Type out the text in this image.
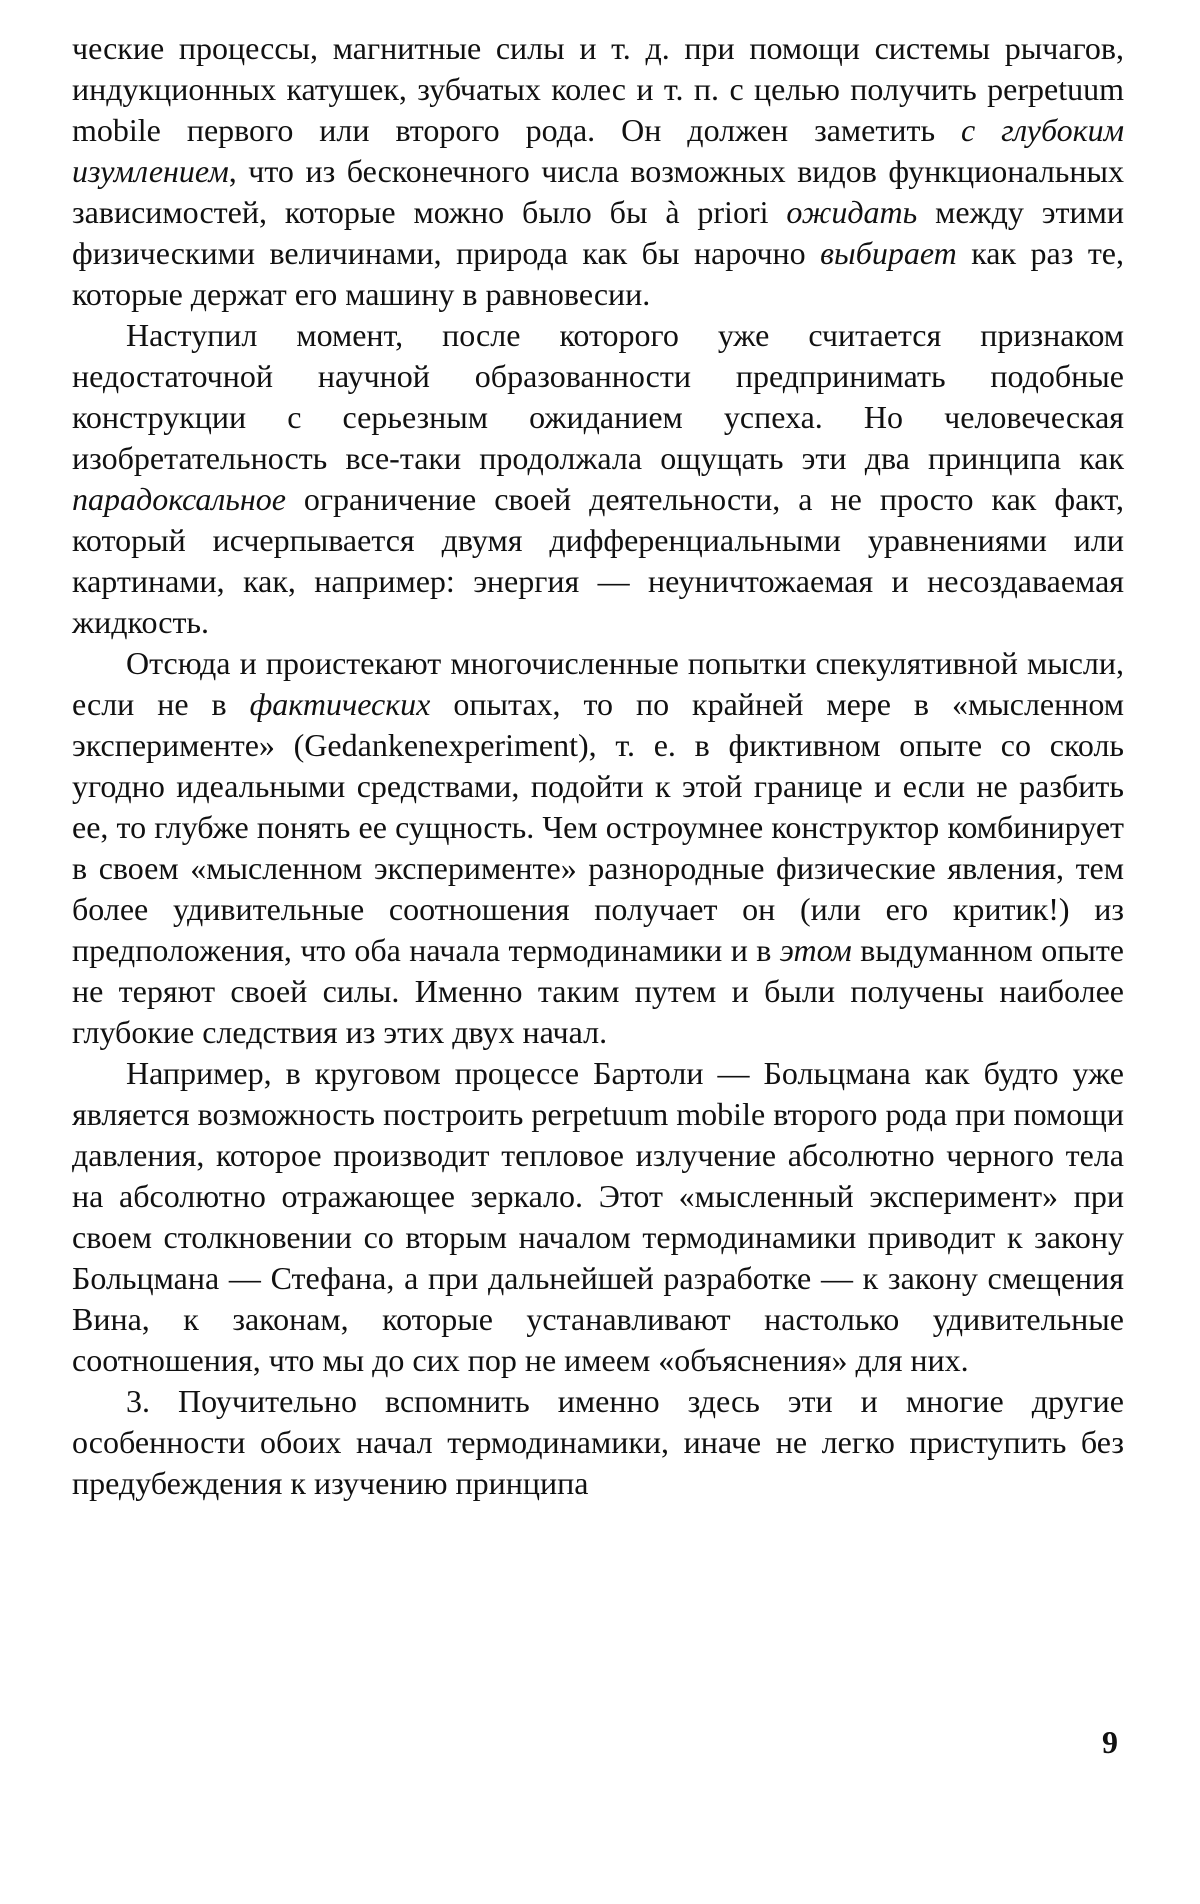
ческие процессы, магнитные силы и т. д. при помощи системы рычагов, индукционных катушек, зубчатых колес и т. п. с целью получить perpetuum mobile первого или второго рода. Он должен заметить с глубоким изумлением, что из бесконечного числа возможных видов функциональных зависимостей, которые можно было бы à priori ожидать между этими физическими величинами, природа как бы нарочно выбирает как раз те, которые держат его машину в равновесии.

Наступил момент, после которого уже считается признаком недостаточной научной образованности предпринимать подобные конструкции с серьезным ожиданием успеха. Но человеческая изобретательность все-таки продолжала ощущать эти два принципа как парадоксальное ограничение своей деятельности, а не просто как факт, который исчерпывается двумя дифференциальными уравнениями или картинами, как, например: энергия — неуничтожаемая и несоздаваемая жидкость.

Отсюда и проистекают многочисленные попытки спекулятивной мысли, если не в фактических опытах, то по крайней мере в «мысленном эксперименте» (Gedankenexperiment), т. е. в фиктивном опыте со сколь угодно идеальными средствами, подойти к этой границе и если не разбить ее, то глубже понять ее сущность. Чем остроумнее конструктор комбинирует в своем «мысленном эксперименте» разнородные физические явления, тем более удивительные соотношения получает он (или его критик!) из предположения, что оба начала термодинамики и в этом выдуманном опыте не теряют своей силы. Именно таким путем и были получены наиболее глубокие следствия из этих двух начал.

Например, в круговом процессе Бартоли — Больцмана как будто уже является возможность построить perpetuum mobile второго рода при помощи давления, которое производит тепловое излучение абсолютно черного тела на абсолютно отражающее зеркало. Этот «мысленный эксперимент» при своем столкновении со вторым началом термодинамики приводит к закону Больцмана — Стефана, а при дальнейшей разработке — к закону смещения Вина, к законам, которые устанавливают настолько удивительные соотношения, что мы до сих пор не имеем «объяснения» для них.

3. Поучительно вспомнить именно здесь эти и многие другие особенности обоих начал термодинамики, иначе не легко приступить без предубеждения к изучению принципа

9
